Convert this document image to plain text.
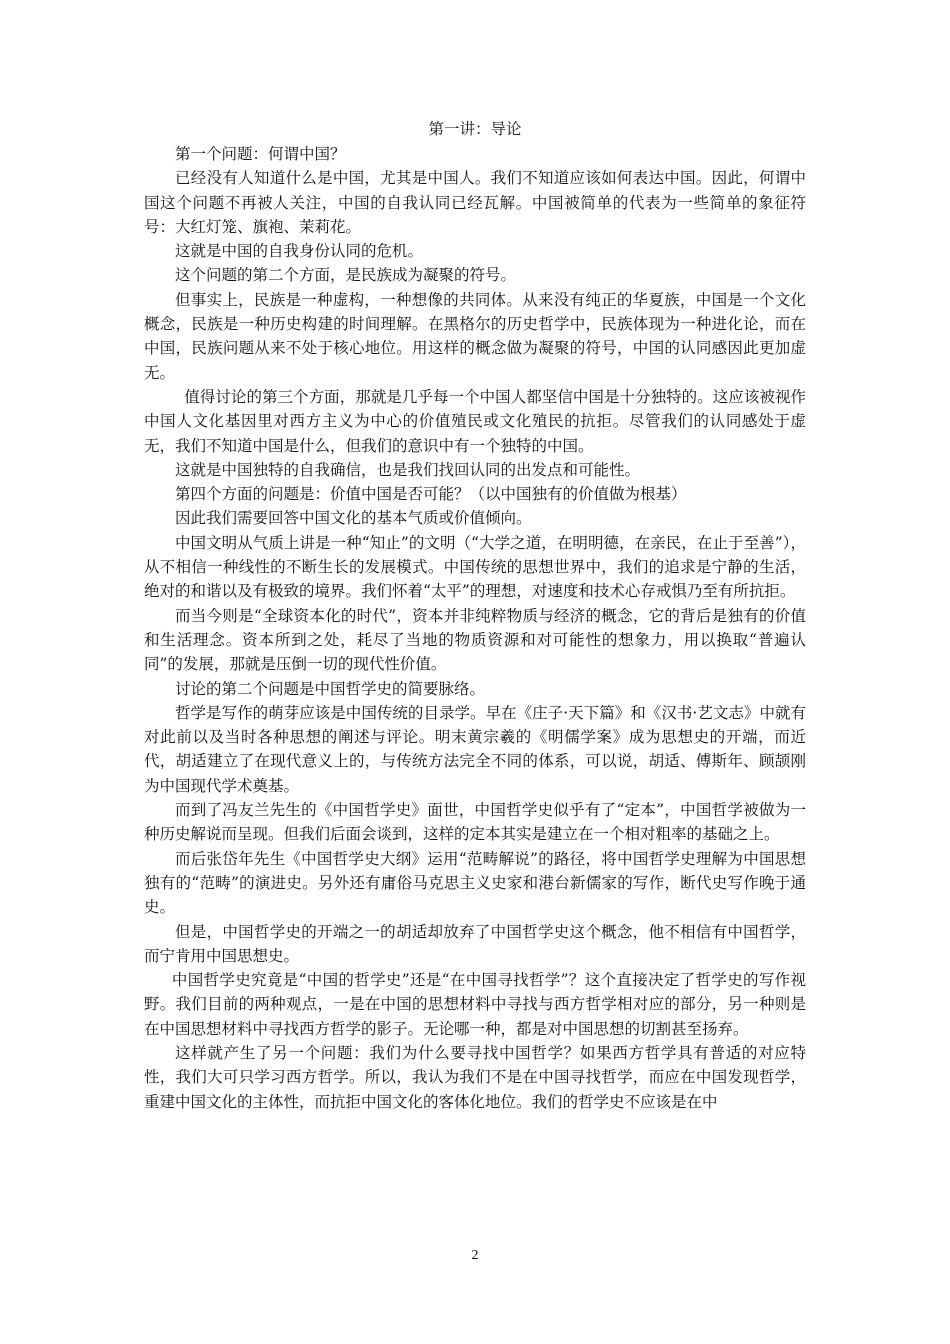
第一讲：导论

第一个问题：何谓中国？

已经没有人知道什么是中国，尤其是中国人。我们不知道应该如何表达中国。因此，何谓中国这个问题不再被人关注，中国的自我认同已经瓦解。中国被简单的代表为一些简单的象征符号：大红灯笼、旗袍、茉莉花。

这就是中国的自我身份认同的危机。

这个问题的第二个方面，是民族成为凝聚的符号。

但事实上，民族是一种虚构，一种想像的共同体。从来没有纯正的华夏族，中国是一个文化概念，民族是一种历史构建的时间理解。在黑格尔的历史哲学中，民族体现为一种进化论，而在中国，民族问题从来不处于核心地位。用这样的概念做为凝聚的符号，中国的认同感因此更加虚无。

值得讨论的第三个方面，那就是几乎每一个中国人都坚信中国是十分独特的。这应该被视作中国人文化基因里对西方主义为中心的价值殖民或文化殖民的抗拒。尽管我们的认同感处于虚无，我们不知道中国是什么，但我们的意识中有一个独特的中国。

这就是中国独特的自我确信，也是我们找回认同的出发点和可能性。

第四个方面的问题是：价值中国是否可能？（以中国独有的价值做为根基）

因此我们需要回答中国文化的基本气质或价值倾向。

中国文明从气质上讲是一种“知止”的文明（“大学之道，在明明德，在亲民，在止于至善”），从不相信一种线性的不断生长的发展模式。中国传统的思想世界中，我们的追求是宁静的生活，绝对的和谐以及有极致的境界。我们怀着“太平”的理想，对速度和技术心存戒惧乃至有所抗拒。

而当今则是“全球资本化的时代”，资本并非纯粹物质与经济的概念，它的背后是独有的价值和生活理念。资本所到之处，耗尽了当地的物质资源和对可能性的想象力，用以换取“普遍认同”的发展，那就是压倒一切的现代性价值。

讨论的第二个问题是中国哲学史的简要脉络。

哲学是写作的萌芽应该是中国传统的目录学。早在《庄子·天下篇》和《汉书·艺文志》中就有对此前以及当时各种思想的阐述与评论。明末黄宗羲的《明儒学案》成为思想史的开端，而近代，胡适建立了在现代意义上的，与传统方法完全不同的体系，可以说，胡适、傅斯年、顾颉刚为中国现代学术奠基。

而到了冯友兰先生的《中国哲学史》面世，中国哲学史似乎有了“定本”，中国哲学被做为一种历史解说而呈现。但我们后面会谈到，这样的定本其实是建立在一个相对粗率的基础之上。

而后张岱年先生《中国哲学史大纲》运用“范畴解说”的路径，将中国哲学史理解为中国思想独有的“范畴”的演进史。另外还有庸俗马克思主义史家和港台新儒家的写作，断代史写作晚于通史。

但是，中国哲学史的开端之一的胡适却放弃了中国哲学史这个概念，他不相信有中国哲学，而宁肯用中国思想史。

中国哲学史究竟是“中国的哲学史”还是“在中国寻找哲学”？这个直接决定了哲学史的写作视野。我们目前的两种观点，一是在中国的思想材料中寻找与西方哲学相对应的部分，另一种则是在中国思想材料中寻找西方哲学的影子。无论哪一种，都是对中国思想的切割甚至扬弃。

这样就产生了另一个问题：我们为什么要寻找中国哲学？如果西方哲学具有普适的对应特性，我们大可只学习西方哲学。所以，我认为我们不是在中国寻找哲学，而应在中国发现哲学，重建中国文化的主体性，而抗拒中国文化的客体化地位。我们的哲学史不应该是在中

2
